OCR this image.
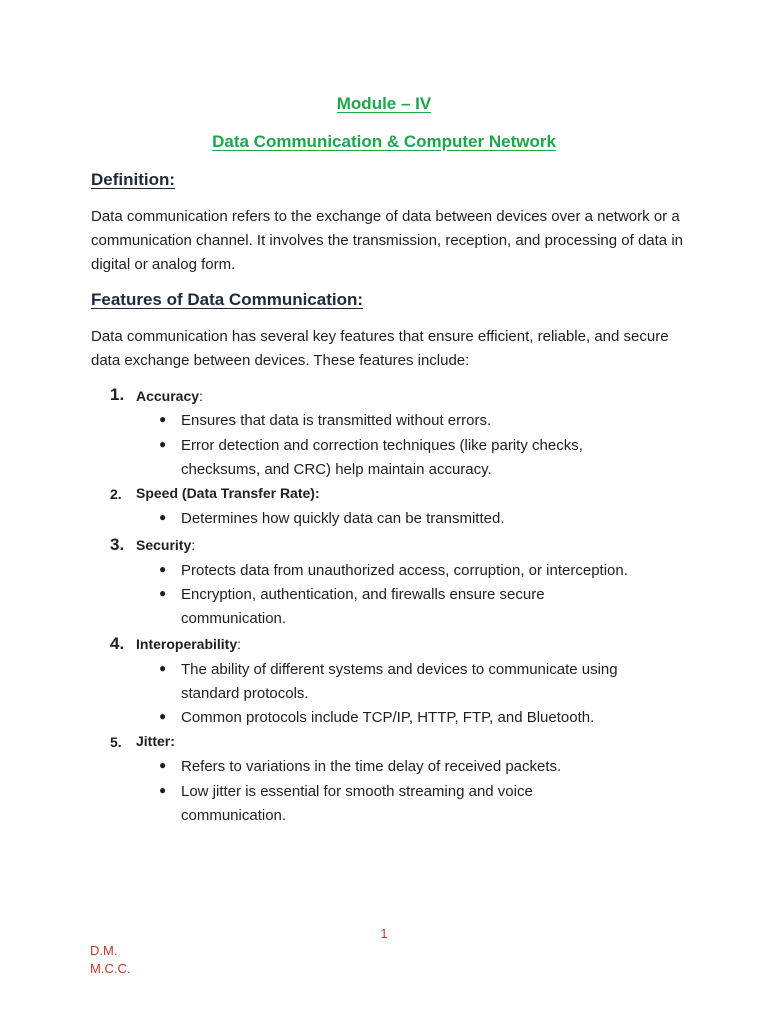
Module – IV
Data Communication & Computer Network
Definition:
Data communication refers to the exchange of data between devices over a network or a communication channel. It involves the transmission, reception, and processing of data in digital or analog form.
Features of Data Communication:
Data communication has several key features that ensure efficient, reliable, and secure data exchange between devices. These features include:
1. Accuracy:
● Ensures that data is transmitted without errors.
● Error detection and correction techniques (like parity checks, checksums, and CRC) help maintain accuracy.
2. Speed (Data Transfer Rate):
● Determines how quickly data can be transmitted.
3. Security:
● Protects data from unauthorized access, corruption, or interception.
● Encryption, authentication, and firewalls ensure secure communication.
4. Interoperability:
● The ability of different systems and devices to communicate using standard protocols.
● Common protocols include TCP/IP, HTTP, FTP, and Bluetooth.
5. Jitter:
● Refers to variations in the time delay of received packets.
● Low jitter is essential for smooth streaming and voice communication.
1
D.M.
M.C.C.
